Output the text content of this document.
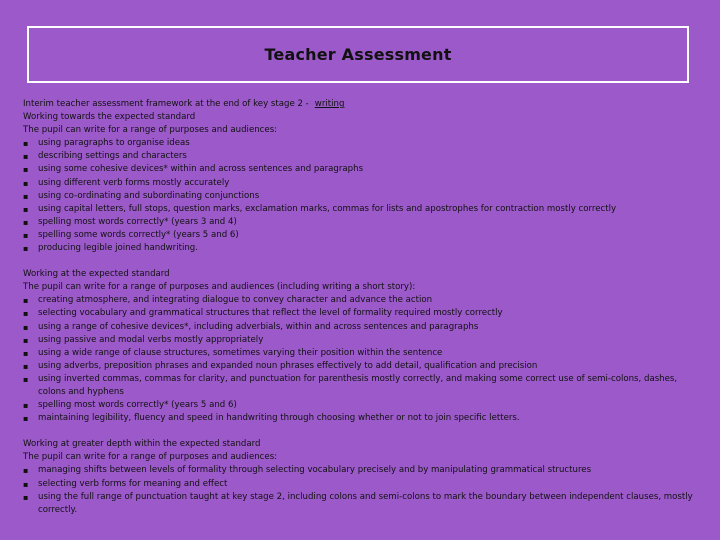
Teacher Assessment
Interim teacher assessment framework at the end of key stage 2 - writing
Working towards the expected standard
The pupil can write for a range of purposes and audiences:
▪ using paragraphs to organise ideas
▪ describing settings and characters
▪ using some cohesive devices* within and across sentences and paragraphs
▪ using different verb forms mostly accurately
▪ using co-ordinating and subordinating conjunctions
▪ using capital letters, full stops, question marks, exclamation marks, commas for lists and apostrophes for contraction mostly correctly
▪ spelling most words correctly* (years 3 and 4)
▪ spelling some words correctly* (years 5 and 6)
▪ producing legible joined handwriting.
Working at the expected standard
The pupil can write for a range of purposes and audiences (including writing a short story):
▪ creating atmosphere, and integrating dialogue to convey character and advance the action
▪ selecting vocabulary and grammatical structures that reflect the level of formality required mostly correctly
▪ using a range of cohesive devices*, including adverbials, within and across sentences and paragraphs
▪ using passive and modal verbs mostly appropriately
▪ using a wide range of clause structures, sometimes varying their position within the sentence
▪ using adverbs, preposition phrases and expanded noun phrases effectively to add detail, qualification and precision
▪ using inverted commas, commas for clarity, and punctuation for parenthesis mostly correctly, and making some correct use of semi-colons, dashes, colons and hyphens
▪ spelling most words correctly* (years 5 and 6)
▪ maintaining legibility, fluency and speed in handwriting through choosing whether or not to join specific letters.
Working at greater depth within the expected standard
The pupil can write for a range of purposes and audiences:
▪ managing shifts between levels of formality through selecting vocabulary precisely and by manipulating grammatical structures
▪ selecting verb forms for meaning and effect
▪ using the full range of punctuation taught at key stage 2, including colons and semi-colons to mark the boundary between independent clauses, mostly correctly.
